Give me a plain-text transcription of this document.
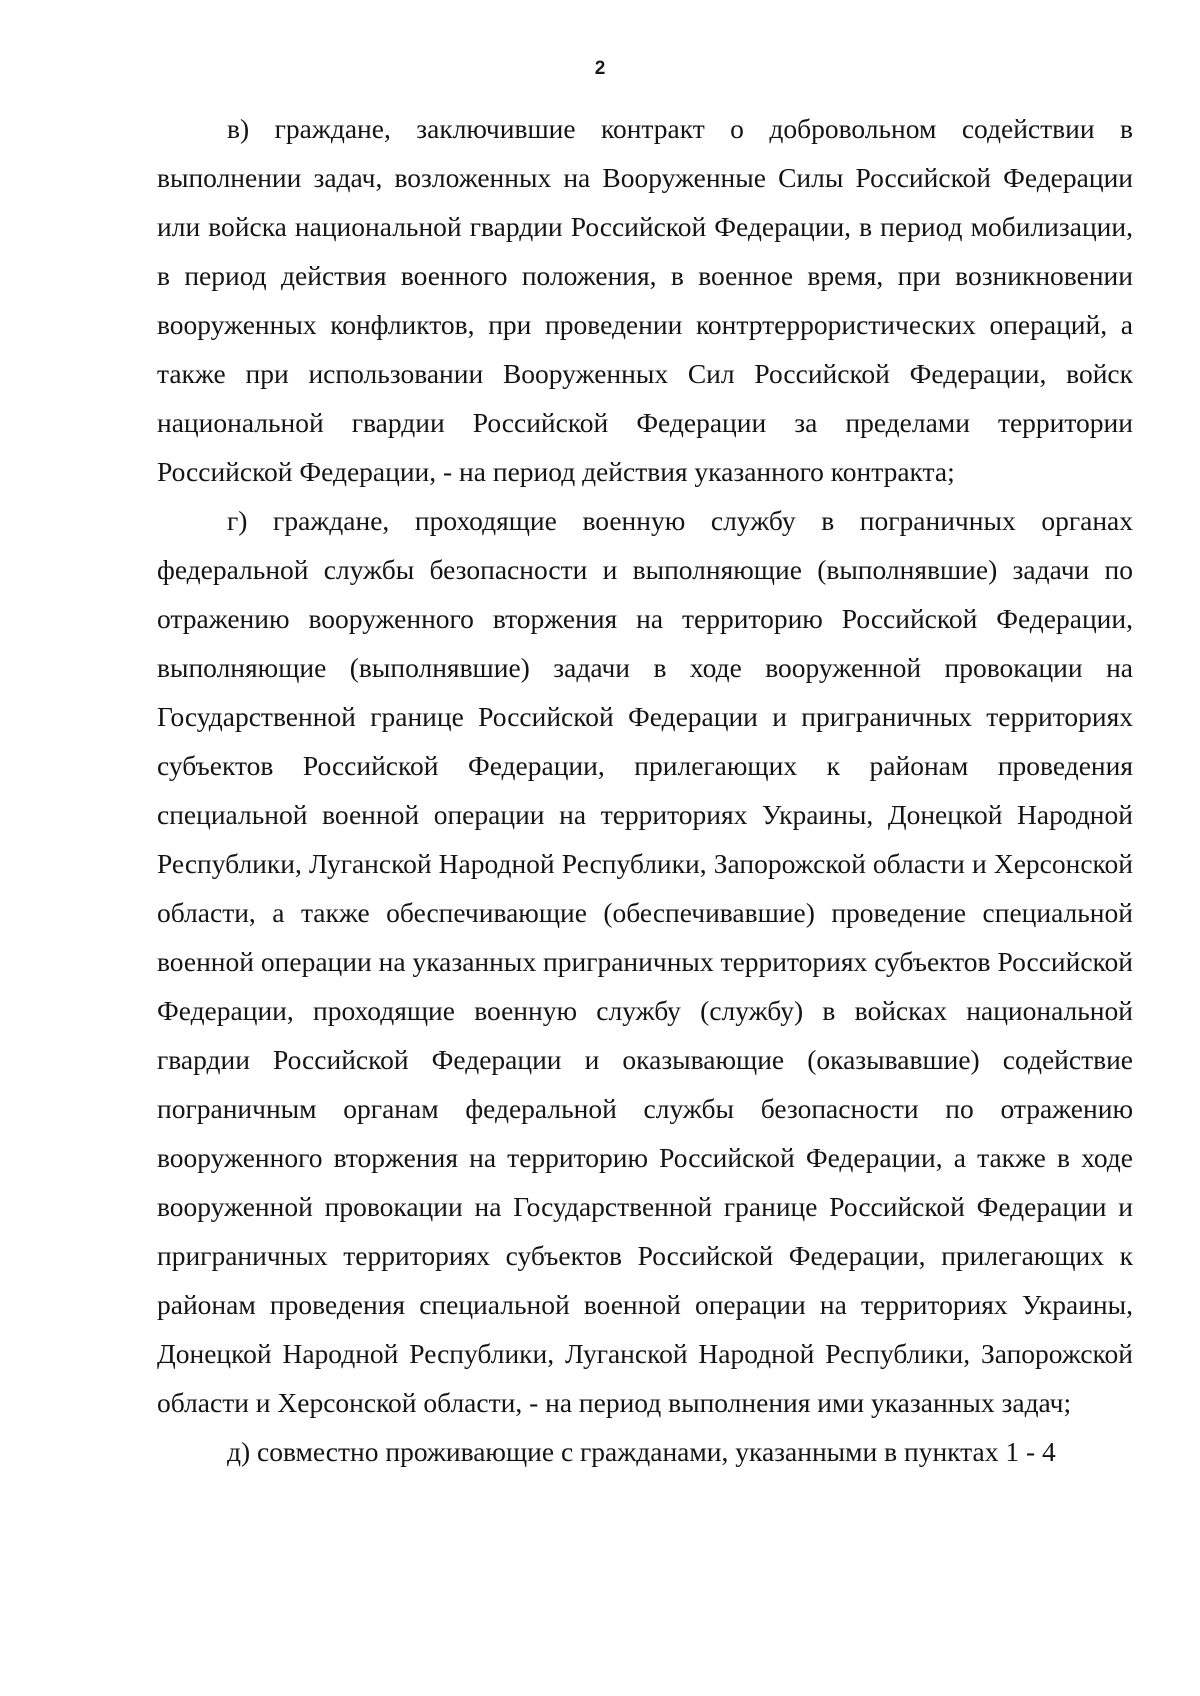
2

в) граждане, заключившие контракт о добровольном содействии в выполнении задач, возложенных на Вооруженные Силы Российской Федерации или войска национальной гвардии Российской Федерации, в период мобилизации, в период действия военного положения, в военное время, при возникновении вооруженных конфликтов, при проведении контртеррористических операций, а также при использовании Вооруженных Сил Российской Федерации, войск национальной гвардии Российской Федерации за пределами территории Российской Федерации, - на период действия указанного контракта;

г) граждане, проходящие военную службу в пограничных органах федеральной службы безопасности и выполняющие (выполнявшие) задачи по отражению вооруженного вторжения на территорию Российской Федерации, выполняющие (выполнявшие) задачи в ходе вооруженной провокации на Государственной границе Российской Федерации и приграничных территориях субъектов Российской Федерации, прилегающих к районам проведения специальной военной операции на территориях Украины, Донецкой Народной Республики, Луганской Народной Республики, Запорожской области и Херсонской области, а также обеспечивающие (обеспечивавшие) проведение специальной военной операции на указанных приграничных территориях субъектов Российской Федерации, проходящие военную службу (службу) в войсках национальной гвардии Российской Федерации и оказывающие (оказывавшие) содействие пограничным органам федеральной службы безопасности по отражению вооруженного вторжения на территорию Российской Федерации, а также в ходе вооруженной провокации на Государственной границе Российской Федерации и приграничных территориях субъектов Российской Федерации, прилегающих к районам проведения специальной военной операции на территориях Украины, Донецкой Народной Республики, Луганской Народной Республики, Запорожской области и Херсонской области, - на период выполнения ими указанных задач;

д) совместно проживающие с гражданами, указанными в пунктах 1 - 4
